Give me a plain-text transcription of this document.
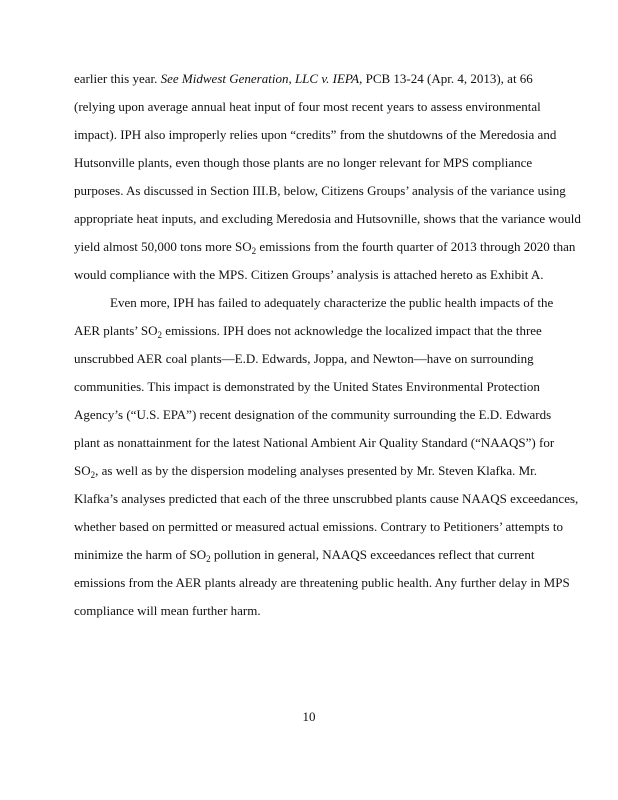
earlier this year. See Midwest Generation, LLC v. IEPA, PCB 13-24 (Apr. 4, 2013), at 66
(relying upon average annual heat input of four most recent years to assess environmental
impact). IPH also improperly relies upon “credits” from the shutdowns of the Meredosia and
Hutsonville plants, even though those plants are no longer relevant for MPS compliance
purposes. As discussed in Section III.B, below, Citizens Groups’ analysis of the variance using
appropriate heat inputs, and excluding Meredosia and Hutsovnille, shows that the variance would
yield almost 50,000 tons more $SO_2$ emissions from the fourth quarter of 2013 through 2020 than
would compliance with the MPS. Citizen Groups’ analysis is attached hereto as Exhibit A.
Even more, IPH has failed to adequately characterize the public health impacts of the
AER plants’ $SO_2$ emissions. IPH does not acknowledge the localized impact that the three
unscrubbed AER coal plants—E.D. Edwards, Joppa, and Newton—have on surrounding
communities. This impact is demonstrated by the United States Environmental Protection
Agency’s (“U.S. EPA”) recent designation of the community surrounding the E.D. Edwards
plant as nonattainment for the latest National Ambient Air Quality Standard (“NAAQS”) for
$SO_2$, as well as by the dispersion modeling analyses presented by Mr. Steven Klafka. Mr.
Klafka’s analyses predicted that each of the three unscrubbed plants cause NAAQS exceedances,
whether based on permitted or measured actual emissions. Contrary to Petitioners’ attempts to
minimize the harm of $SO_2$ pollution in general, NAAQS exceedances reflect that current
emissions from the AER plants already are threatening public health. Any further delay in MPS
compliance will mean further harm.
10
